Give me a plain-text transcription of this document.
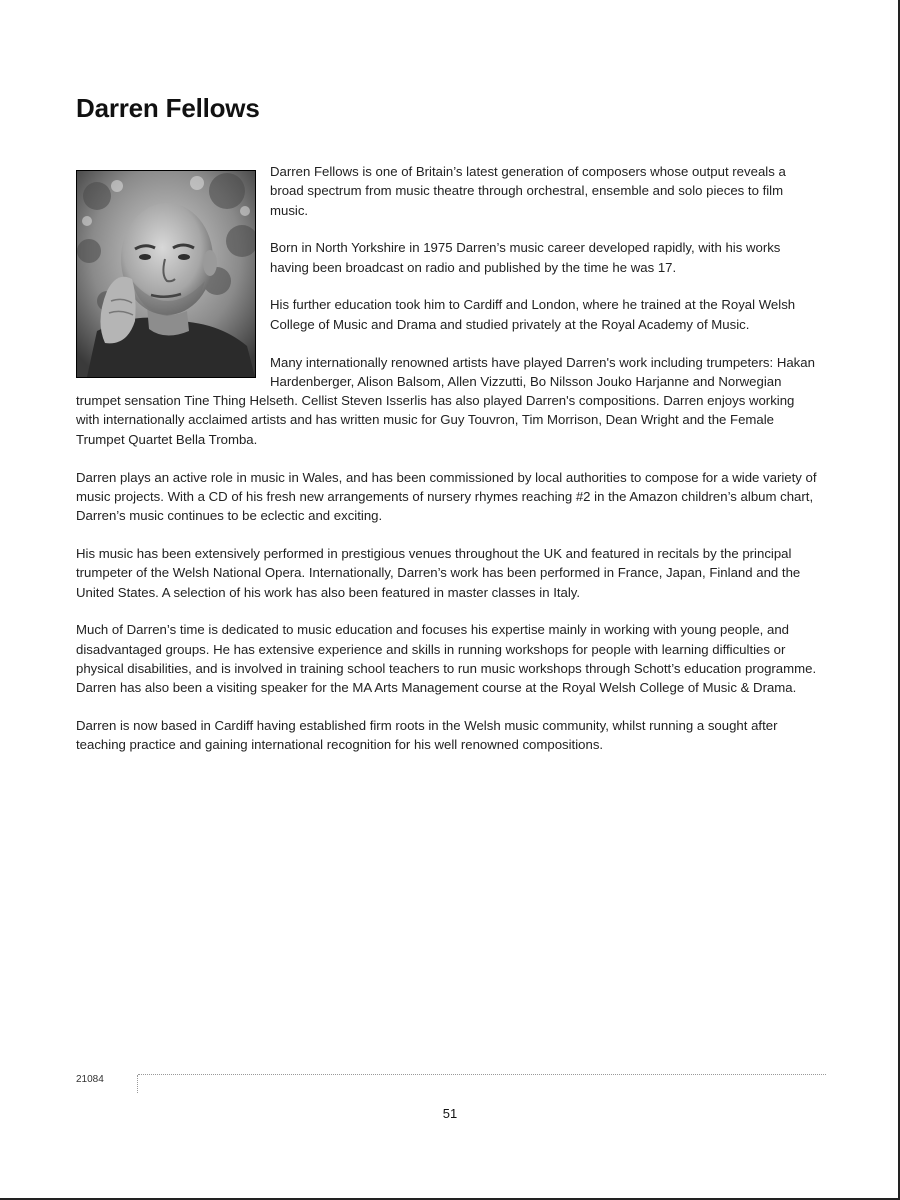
Darren Fellows

Darren Fellows is one of Britain’s latest generation of composers whose output reveals a broad spectrum from music theatre through orchestral, ensemble and solo pieces to film music.

Born in North Yorkshire in 1975 Darren’s music career developed rapidly, with his works having been broadcast on radio and published by the time he was 17.

His further education took him to Cardiff and London, where he trained at the Royal Welsh College of Music and Drama and studied privately at the Royal Academy of Music.

Many internationally renowned artists have played Darren's work including trumpeters: Hakan Hardenberger, Alison Balsom, Allen Vizzutti, Bo Nilsson Jouko Harjanne and Norwegian trumpet sensation Tine Thing Helseth. Cellist Steven Isserlis has also played Darren's compositions. Darren enjoys working with internationally acclaimed artists and has written music for Guy Touvron, Tim Morrison, Dean Wright and the Female Trumpet Quartet Bella Tromba.

Darren plays an active role in music in Wales, and has been commissioned by local authorities to compose for a wide variety of music projects. With a CD of his fresh new arrangements of nursery rhymes reaching #2 in the Amazon children’s album chart, Darren’s music continues to be eclectic and exciting.

His music has been extensively performed in prestigious venues throughout the UK and featured in recitals by the principal trumpeter of the Welsh National Opera. Internationally, Darren’s work has been performed in France, Japan, Finland and the United States. A selection of his work has also been featured in master classes in Italy.

Much of Darren’s time is dedicated to music education and focuses his expertise mainly in working with young people, and disadvantaged groups. He has extensive experience and skills in running workshops for people with learning difficulties or physical disabilities, and is involved in training school teachers to run music workshops through Schott’s education programme. Darren has also been a visiting speaker for the MA Arts Management course at the Royal Welsh College of Music & Drama.

Darren is now based in Cardiff having established firm roots in the Welsh music community, whilst running a sought after teaching practice and gaining international recognition for his well renowned compositions.

21084
51
